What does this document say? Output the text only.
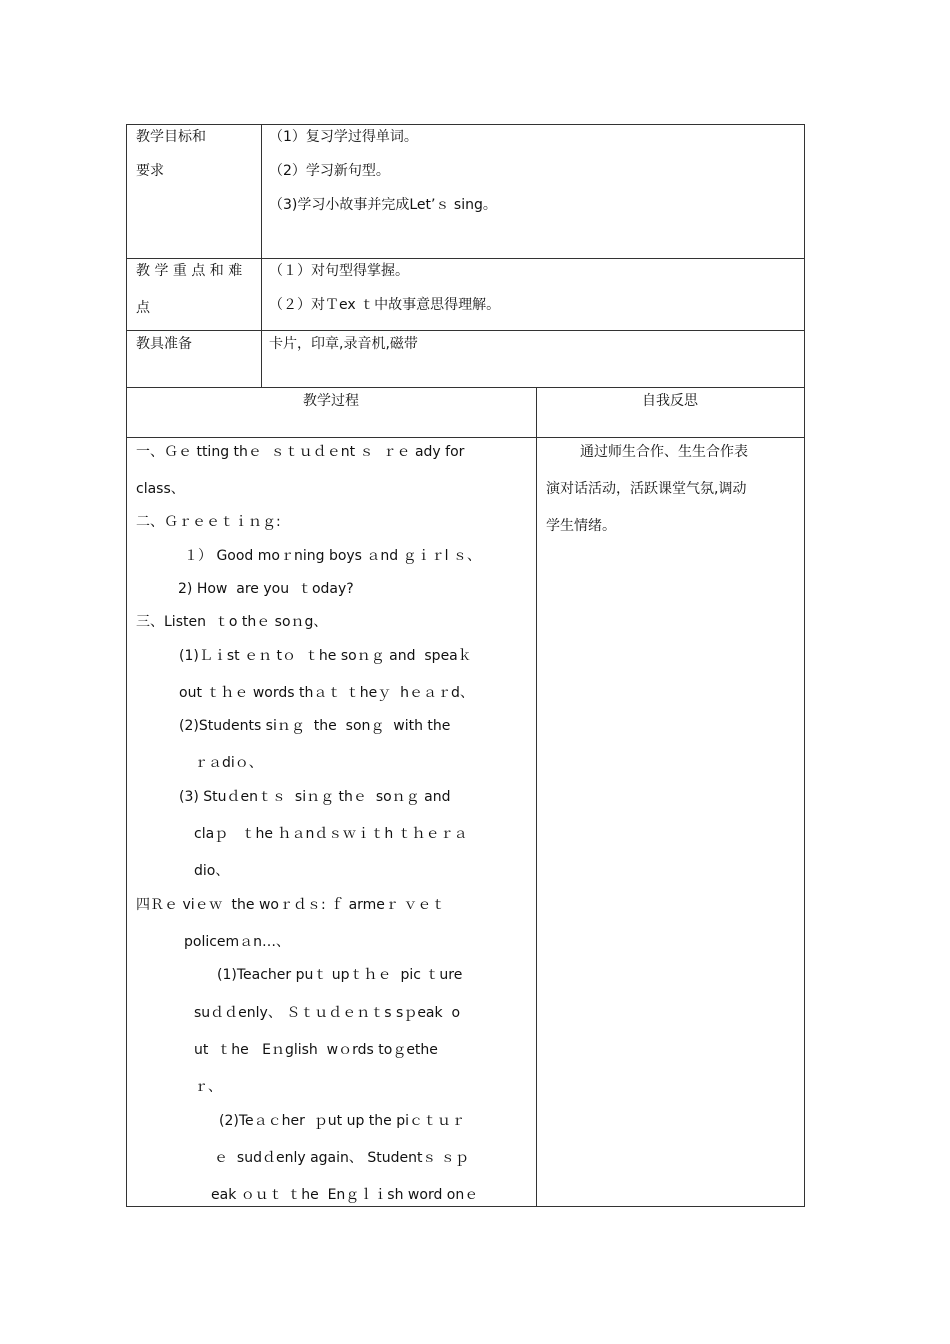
教学目标和
要求
（1）复习学过得单词。
（2）学习新句型。
（3)学习小故事并完成Let’ｓ sing。
教 学 重 点 和 难
点
（１）对句型得掌握。
（２）对Ｔex ｔ中故事意思得理解。
教具准备	卡片，印章,录音机,磁带
教学过程	自我反思
一、Ｇｅ tting thｅ  ｓｔｕｄｅnt ｓ  ｒｅ ady for
class、
二、Ｇｒｅｅｔｉｎｇ:
１） Good moｒning boys ａnd ｇｉｒl ｓ、
2) How  are you  ｔoday?
三、Listen  ｔo thｅ soｎg、
(1)Ｌｉst ｅｎ tｏ  ｔhe soｎｇ and  speaｋ
out ｔｈｅ words thａｔ ｔheｙ  hｅａｒd、
(2)Students siｎｇ  the  sonｇ  with the
ｒａdiｏ、
(3) Stuｄenｔｓ  siｎｇ thｅ  soｎｇ and
claｐ   ｔhe ｈａnｄｓｗｉｔh ｔｈｅｒａ
dio、
四Ｒｅ viｅｗ  the woｒｄｓ: ｆ armeｒ ｖｅｔ
policemａn…、
(1)Teacher puｔ upｔｈｅ  pic ｔure
suｄｄenly、 Ｓｔｕｄｅｎｔs sｐeak  o
ut  ｔhe   Eｎglish  wｏrds toｇethe
ｒ、
(2)Teａｃher  ｐut up the piｃｔｕｒ
ｅ  sudｄenly again、 Studentｓ ｓｐ
eak ｏｕｔ ｔhe  Enｇｌｉsh word onｅ
通过师生合作、生生合作表
演对话活动，活跃课堂气氛,调动
学生情绪。
